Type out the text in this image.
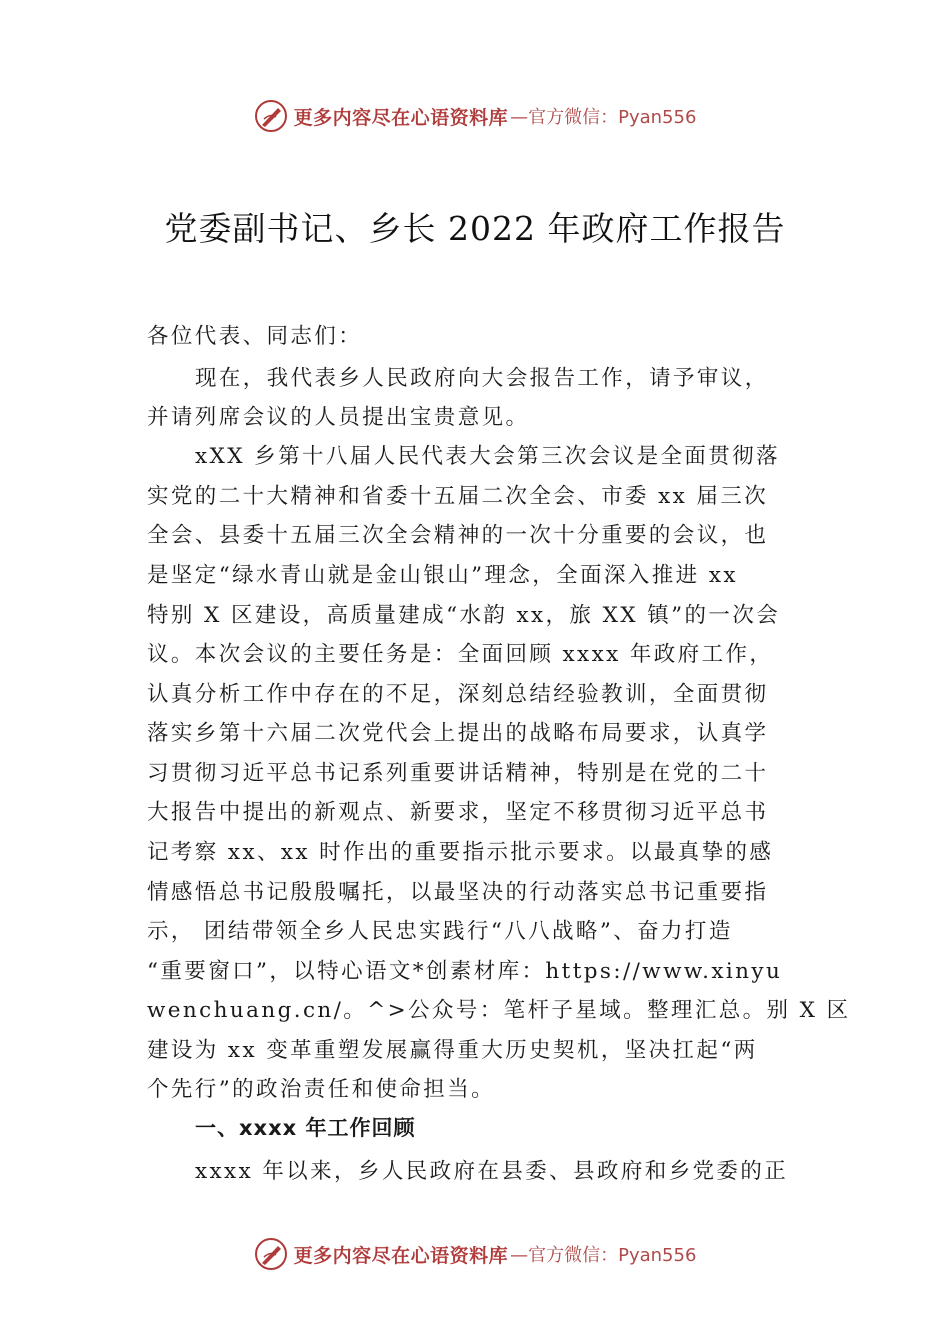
更多内容尽在心语资料库 —官方微信：Pyan556
党委副书记、乡长 2022 年政府工作报告
各位代表、同志们：
现在，我代表乡人民政府向大会报告工作，请予审议，
并请列席会议的人员提出宝贵意见。
xXX 乡第十八届人民代表大会第三次会议是全面贯彻落
实党的二十大精神和省委十五届二次全会、市委 xx 届三次
全会、县委十五届三次全会精神的一次十分重要的会议，也
是坚定“绿水青山就是金山银山”理念，全面深入推进 xx
特别 X 区建设，高质量建成“水韵 xx，旅 XX 镇”的一次会
议。本次会议的主要任务是：全面回顾 xxxx 年政府工作，
认真分析工作中存在的不足，深刻总结经验教训，全面贯彻
落实乡第十六届二次党代会上提出的战略布局要求，认真学
习贯彻习近平总书记系列重要讲话精神，特别是在党的二十
大报告中提出的新观点、新要求，坚定不移贯彻习近平总书
记考察 xx、xx 时作出的重要指示批示要求。以最真挚的感
情感悟总书记殷殷嘱托，以最坚决的行动落实总书记重要指
示， 团结带领全乡人民忠实践行“八八战略”、奋力打造
“重要窗口”，以特心语文*创素材库：https://www.xinyu
wenchuang.cn/。^>公众号：笔杆子星域。整理汇总。别 X 区
建设为 xx 变革重塑发展赢得重大历史契机，坚决扛起“两
个先行”的政治责任和使命担当。
一、xxxx 年工作回顾
xxxx 年以来，乡人民政府在县委、县政府和乡党委的正
更多内容尽在心语资料库 —官方微信：Pyan556
